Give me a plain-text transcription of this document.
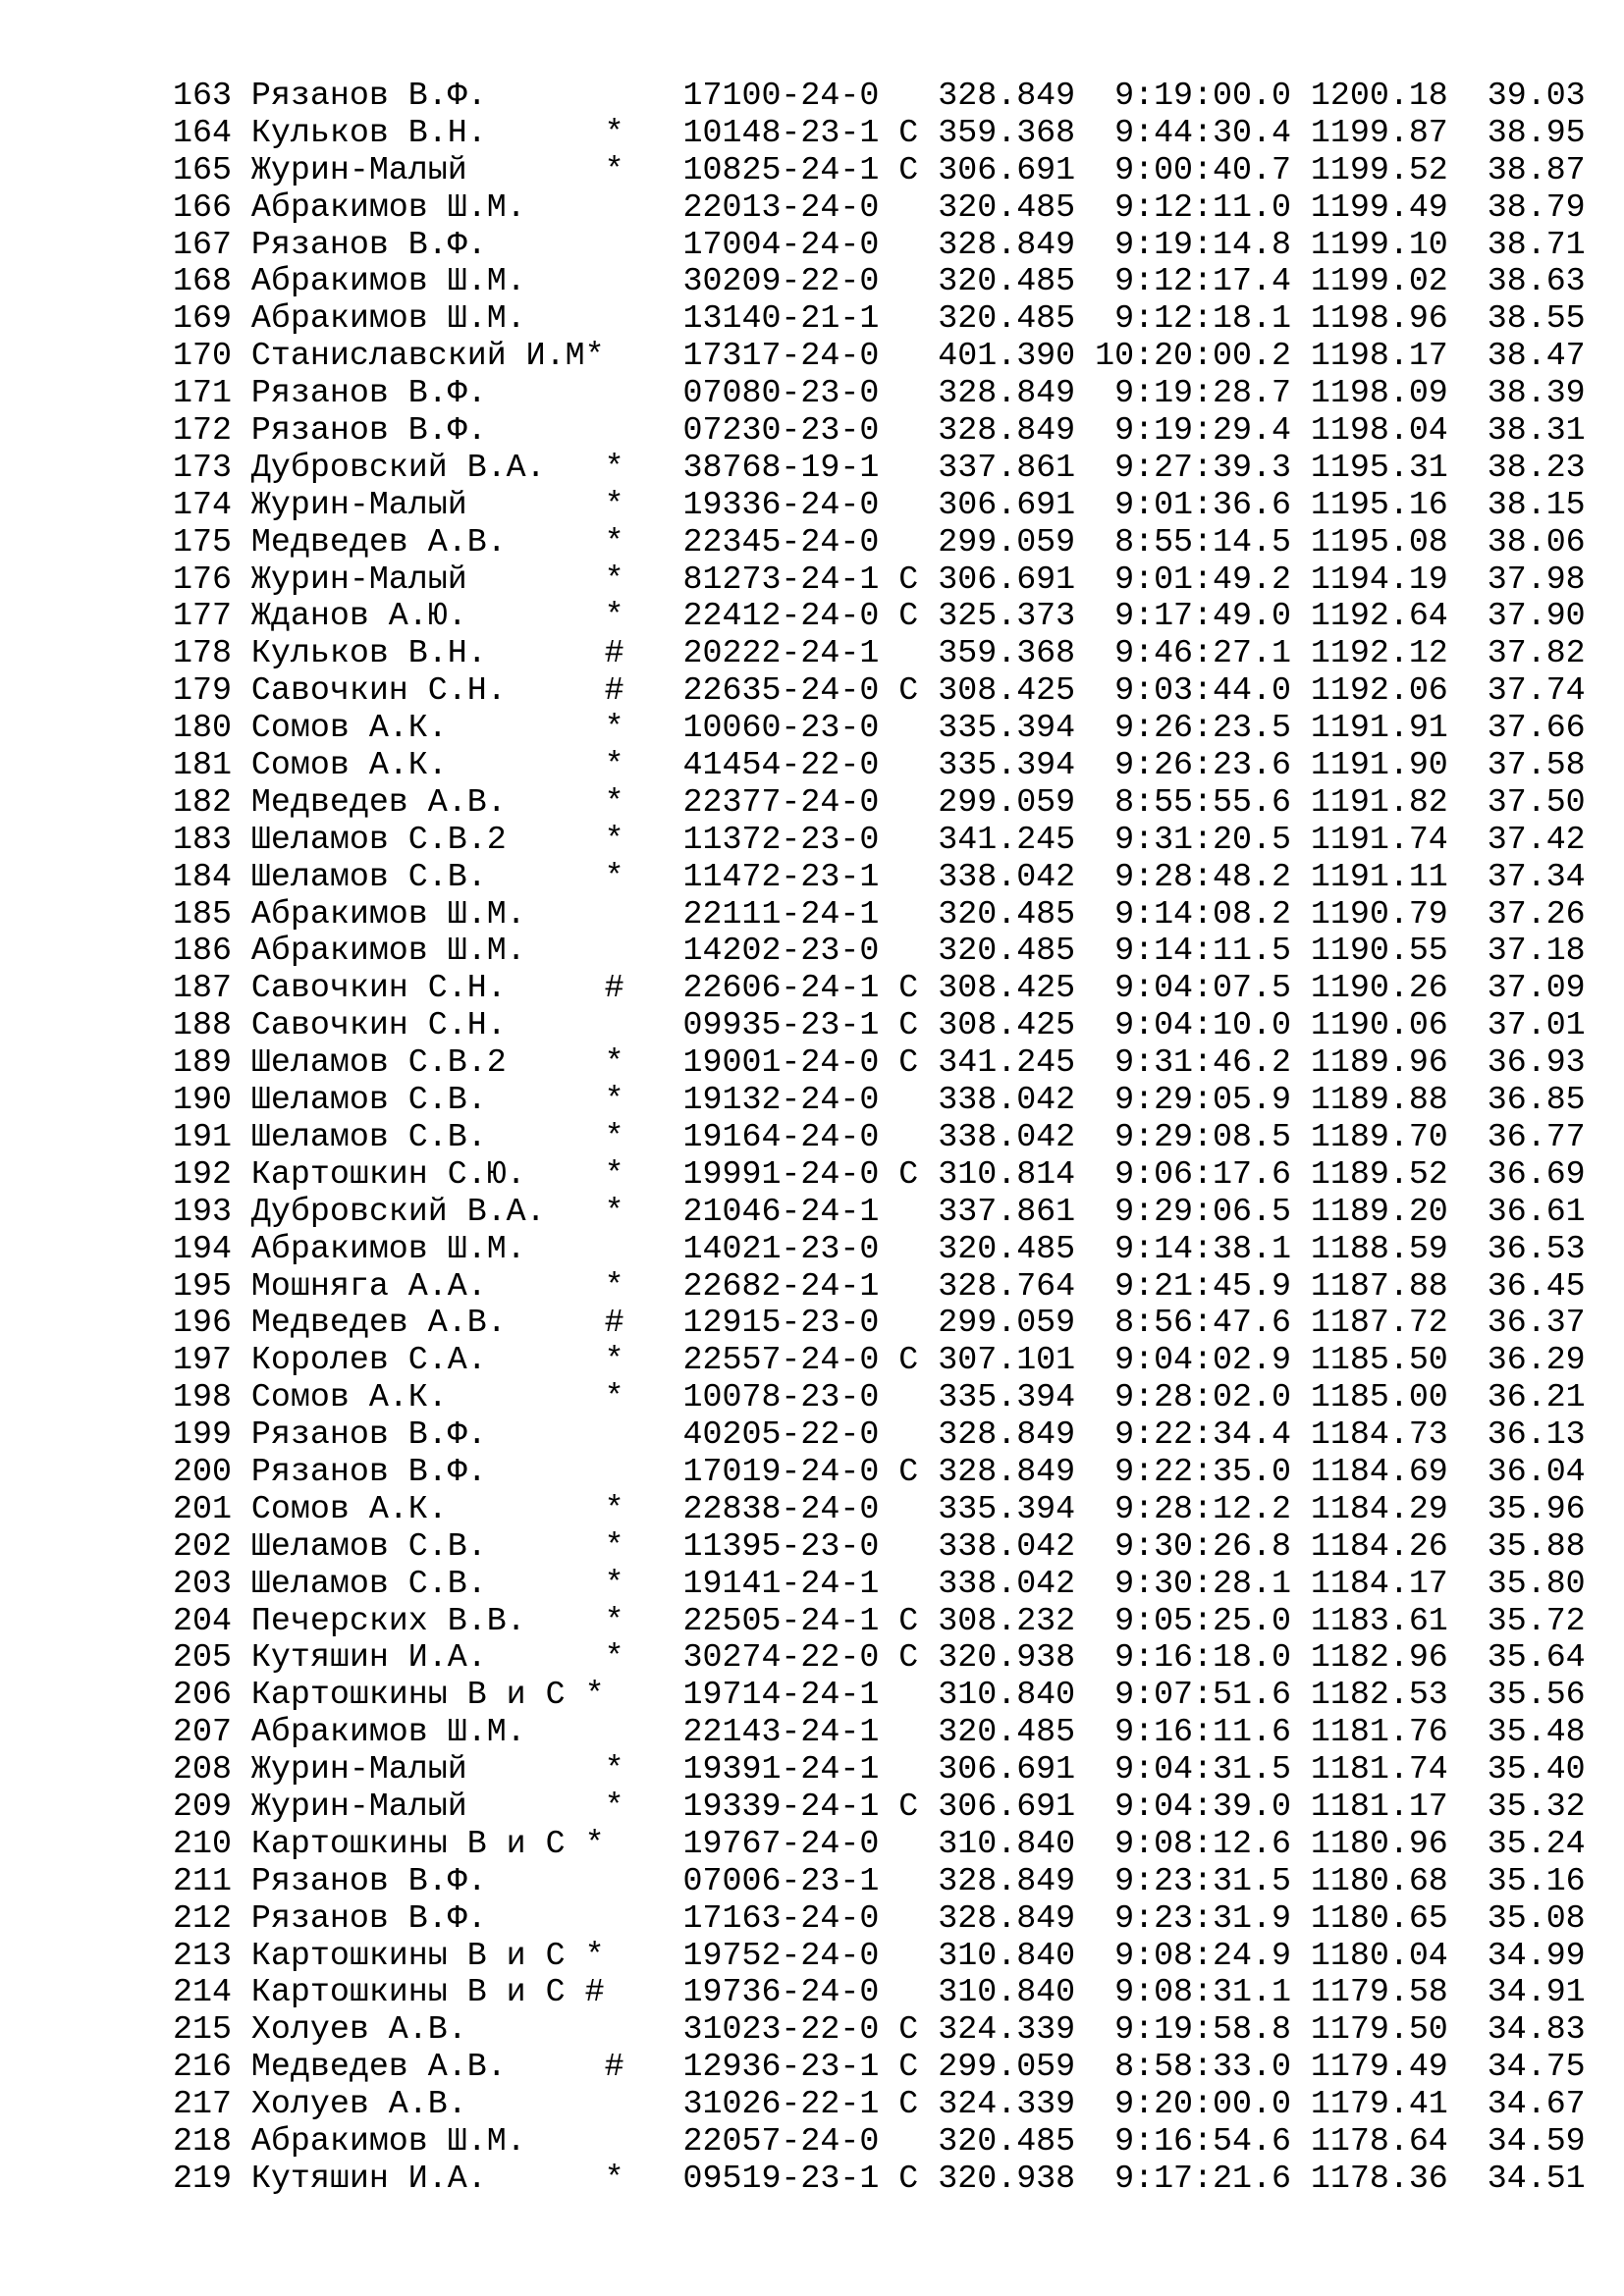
163 Рязанов В.Ф.          17100-24-0   328.849  9:19:00.0 1200.18  39.03
164 Кульков В.Н.      *   10148-23-1 C 359.368  9:44:30.4 1199.87  38.95
165 Журин-Малый       *   10825-24-1 C 306.691  9:00:40.7 1199.52  38.87
166 Абракимов Ш.М.        22013-24-0   320.485  9:12:11.0 1199.49  38.79
167 Рязанов В.Ф.          17004-24-0   328.849  9:19:14.8 1199.10  38.71
168 Абракимов Ш.М.        30209-22-0   320.485  9:12:17.4 1199.02  38.63
169 Абракимов Ш.М.        13140-21-1   320.485  9:12:18.1 1198.96  38.55
170 Станиславский И.М*    17317-24-0   401.390 10:20:00.2 1198.17  38.47
171 Рязанов В.Ф.          07080-23-0   328.849  9:19:28.7 1198.09  38.39
172 Рязанов В.Ф.          07230-23-0   328.849  9:19:29.4 1198.04  38.31
173 Дубровский В.А.   *   38768-19-1   337.861  9:27:39.3 1195.31  38.23
174 Журин-Малый       *   19336-24-0   306.691  9:01:36.6 1195.16  38.15
175 Медведев А.В.     *   22345-24-0   299.059  8:55:14.5 1195.08  38.06
176 Журин-Малый       *   81273-24-1 C 306.691  9:01:49.2 1194.19  37.98
177 Жданов А.Ю.       *   22412-24-0 C 325.373  9:17:49.0 1192.64  37.90
178 Кульков В.Н.      #   20222-24-1   359.368  9:46:27.1 1192.12  37.82
179 Савочкин С.Н.     #   22635-24-0 C 308.425  9:03:44.0 1192.06  37.74
180 Сомов А.К.        *   10060-23-0   335.394  9:26:23.5 1191.91  37.66
181 Сомов А.К.        *   41454-22-0   335.394  9:26:23.6 1191.90  37.58
182 Медведев А.В.     *   22377-24-0   299.059  8:55:55.6 1191.82  37.50
183 Шеламов С.В.2     *   11372-23-0   341.245  9:31:20.5 1191.74  37.42
184 Шеламов С.В.      *   11472-23-1   338.042  9:28:48.2 1191.11  37.34
185 Абракимов Ш.М.        22111-24-1   320.485  9:14:08.2 1190.79  37.26
186 Абракимов Ш.М.        14202-23-0   320.485  9:14:11.5 1190.55  37.18
187 Савочкин С.Н.     #   22606-24-1 C 308.425  9:04:07.5 1190.26  37.09
188 Савочкин С.Н.         09935-23-1 C 308.425  9:04:10.0 1190.06  37.01
189 Шеламов С.В.2     *   19001-24-0 C 341.245  9:31:46.2 1189.96  36.93
190 Шеламов С.В.      *   19132-24-0   338.042  9:29:05.9 1189.88  36.85
191 Шеламов С.В.      *   19164-24-0   338.042  9:29:08.5 1189.70  36.77
192 Картошкин С.Ю.    *   19991-24-0 C 310.814  9:06:17.6 1189.52  36.69
193 Дубровский В.А.   *   21046-24-1   337.861  9:29:06.5 1189.20  36.61
194 Абракимов Ш.М.        14021-23-0   320.485  9:14:38.1 1188.59  36.53
195 Мошняга А.А.      *   22682-24-1   328.764  9:21:45.9 1187.88  36.45
196 Медведев А.В.     #   12915-23-0   299.059  8:56:47.6 1187.72  36.37
197 Королев С.А.      *   22557-24-0 C 307.101  9:04:02.9 1185.50  36.29
198 Сомов А.К.        *   10078-23-0   335.394  9:28:02.0 1185.00  36.21
199 Рязанов В.Ф.          40205-22-0   328.849  9:22:34.4 1184.73  36.13
200 Рязанов В.Ф.          17019-24-0 C 328.849  9:22:35.0 1184.69  36.04
201 Сомов А.К.        *   22838-24-0   335.394  9:28:12.2 1184.29  35.96
202 Шеламов С.В.      *   11395-23-0   338.042  9:30:26.8 1184.26  35.88
203 Шеламов С.В.      *   19141-24-1   338.042  9:30:28.1 1184.17  35.80
204 Печерских В.В.    *   22505-24-1 C 308.232  9:05:25.0 1183.61  35.72
205 Кутяшин И.А.      *   30274-22-0 C 320.938  9:16:18.0 1182.96  35.64
206 Картошкины В и С *    19714-24-1   310.840  9:07:51.6 1182.53  35.56
207 Абракимов Ш.М.        22143-24-1   320.485  9:16:11.6 1181.76  35.48
208 Журин-Малый       *   19391-24-1   306.691  9:04:31.5 1181.74  35.40
209 Журин-Малый       *   19339-24-1 C 306.691  9:04:39.0 1181.17  35.32
210 Картошкины В и С *    19767-24-0   310.840  9:08:12.6 1180.96  35.24
211 Рязанов В.Ф.          07006-23-1   328.849  9:23:31.5 1180.68  35.16
212 Рязанов В.Ф.          17163-24-0   328.849  9:23:31.9 1180.65  35.08
213 Картошкины В и С *    19752-24-0   310.840  9:08:24.9 1180.04  34.99
214 Картошкины В и С #    19736-24-0   310.840  9:08:31.1 1179.58  34.91
215 Холуев А.В.           31023-22-0 C 324.339  9:19:58.8 1179.50  34.83
216 Медведев А.В.     #   12936-23-1 C 299.059  8:58:33.0 1179.49  34.75
217 Холуев А.В.           31026-22-1 C 324.339  9:20:00.0 1179.41  34.67
218 Абракимов Ш.М.        22057-24-0   320.485  9:16:54.6 1178.64  34.59
219 Кутяшин И.А.      *   09519-23-1 C 320.938  9:17:21.6 1178.36  34.51
